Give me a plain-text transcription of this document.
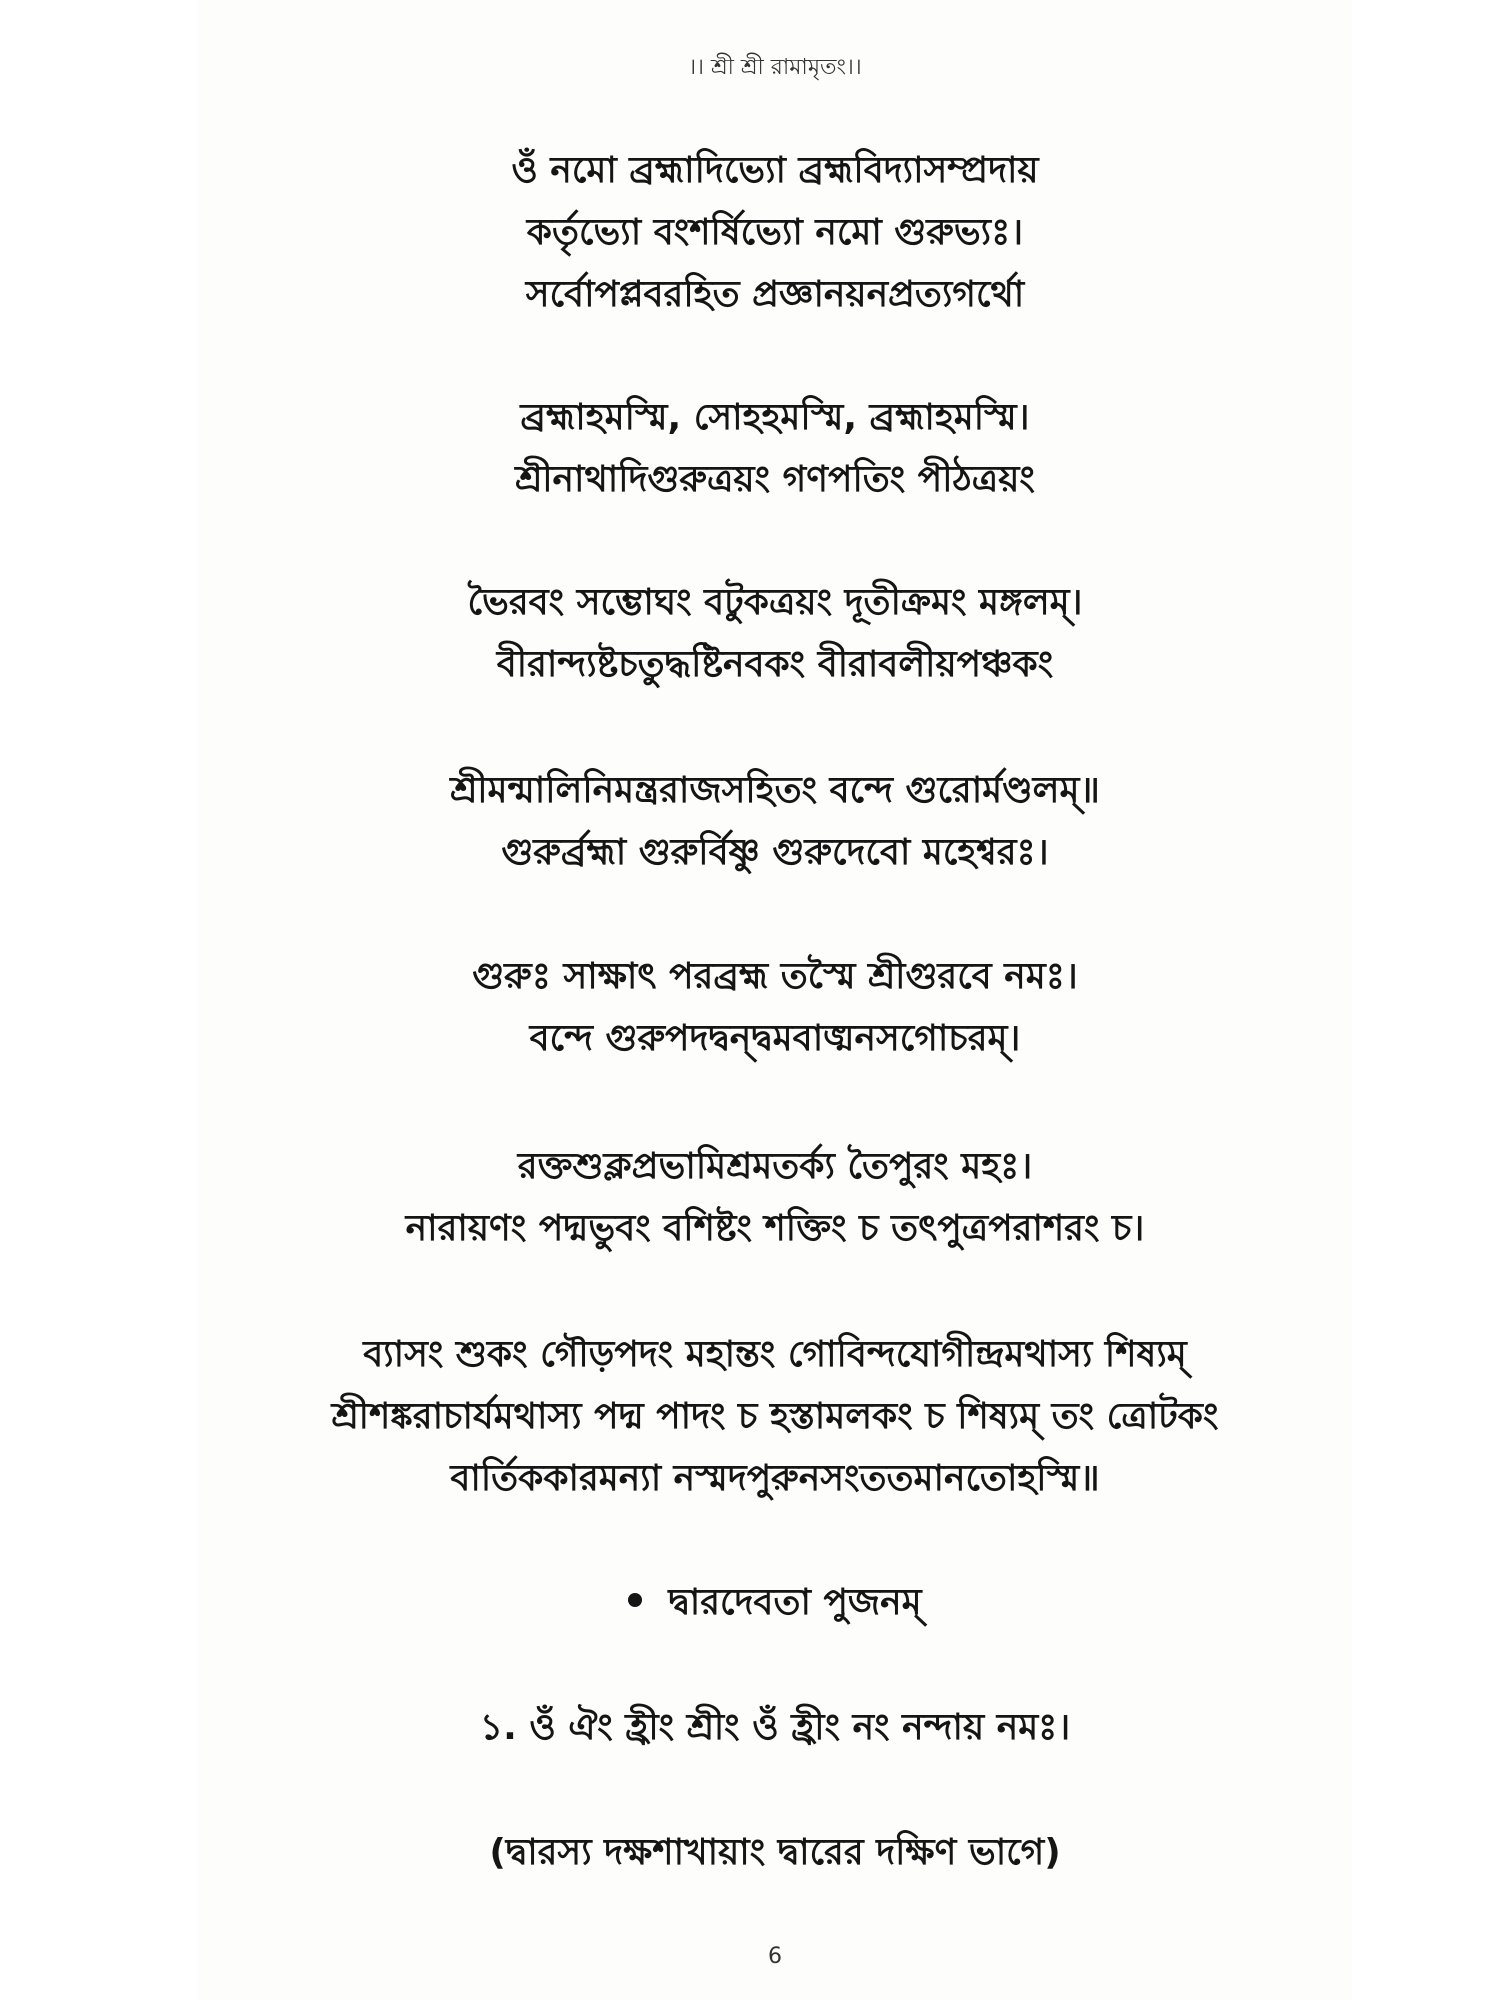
।। শ্রী শ্রী রামামৃতং।।
ওঁ নমো ব্রহ্মাদিভ্যো ব্রহ্মবিদ্যাসম্প্রদায়
কর্তৃভ্যো বংশর্ষিভ্যো নমো গুরুভ্যঃ।
সর্বোপপ্লবরহিত প্রজ্ঞানয়নপ্রত্যগর্থো
ব্রহ্মাহমস্মি, সোহহমস্মি, ব্রহ্মাহমস্মি।
শ্রীনাথাদিগুরুত্রয়ং গণপতিং পীঠত্রয়ং
ভৈরবং সম্ভোঘং বটুকত্রয়ং দূতীক্রমং মঙ্গলম্।
বীরান্দ্যষ্টচতুদ্ধষ্টিনবকং বীরাবলীয়পঞ্চকং
শ্রীমন্মালিনিমন্ত্ররাজসহিতং বন্দে গুরোর্মণ্ডলম্॥
গুরুর্ব্রহ্মা গুরুর্বিষ্ণু গুরুদেবো মহেশ্বরঃ।
গুরুঃ সাক্ষাৎ পরব্রহ্ম তস্মৈ শ্রীগুরবে নমঃ।
বন্দে গুরুপদদ্বন্দ্বমবাঙ্মনসগোচরম্।
রক্তশুক্লপ্রভামিশ্রমতর্ক্য তৈপুরং মহঃ।
নারায়ণং পদ্মভুবং বশিষ্টং শক্তিং চ তৎপুত্রপরাশরং চ।
ব্যাসং শুকং গৌড়পদং মহান্তং গোবিন্দযোগীন্দ্রমথাস্য শিষ্যম্
শ্রীশঙ্করাচার্যমথাস্য পদ্ম পাদং চ হস্তামলকং চ শিষ্যম্ তং ত্রোটকং
বার্তিককারমন্যা নস্মদপুরুনসংততমানতোহস্মি॥
দ্বারদেবতা পুজনম্
১. ওঁ ঐং হ্রীং শ্রীং ওঁ হ্রীং নং নন্দায় নমঃ।
(দ্বারস্য দক্ষশাখায়াং দ্বারের দক্ষিণ ভাগে)
6
